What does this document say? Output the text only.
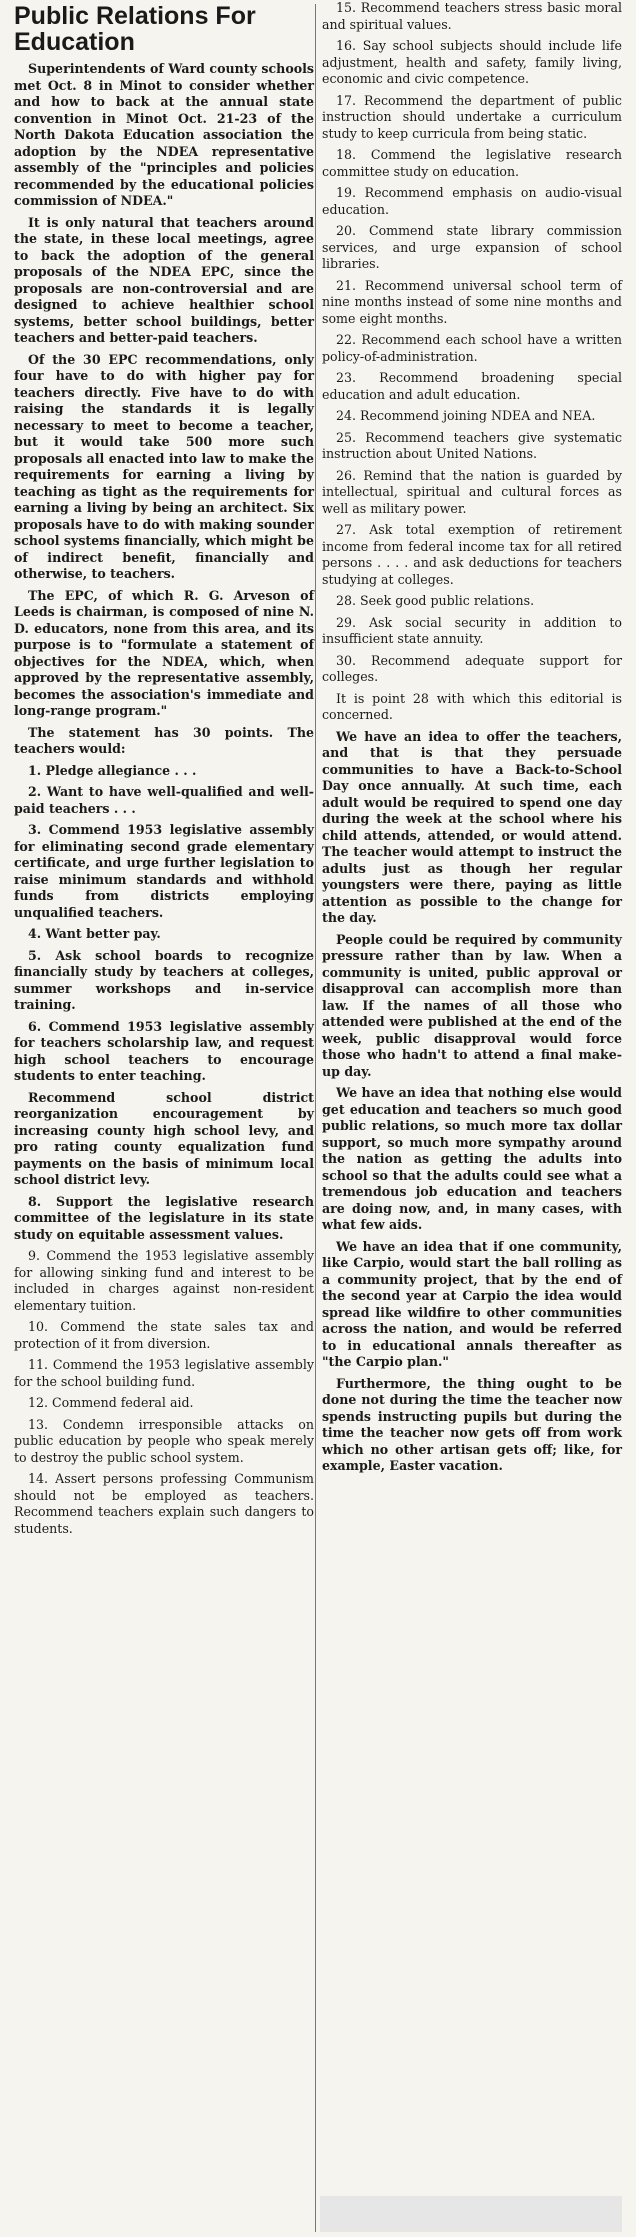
Public Relations For Education

Superintendents of Ward county schools met Oct. 8 in Minot to consider whether and how to back at the annual state convention in Minot Oct. 21-23 of the North Dakota Education association the adoption by the NDEA representative assembly of the "principles and policies recommended by the educational policies commission of NDEA."

It is only natural that teachers around the state, in these local meetings, agree to back the adoption of the general proposals of the NDEA EPC, since the proposals are non-controversial and are designed to achieve healthier school systems, better school buildings, better teachers and better-paid teachers.

Of the 30 EPC recommendations, only four have to do with higher pay for teachers directly. Five have to do with raising the standards it is legally necessary to meet to become a teacher, but it would take 500 more such proposals all enacted into law to make the requirements for earning a living by teaching as tight as the requirements for earning a living by being an architect. Six proposals have to do with making sounder school systems financially, which might be of indirect benefit, financially and otherwise, to teachers.

The EPC, of which R. G. Arveson of Leeds is chairman, is composed of nine N. D. educators, none from this area, and its purpose is to "formulate a statement of objectives for the NDEA, which, when approved by the representative assembly, becomes the association's immediate and long-range program."

The statement has 30 points. The teachers would:

1. Pledge allegiance . . .

2. Want to have well-qualified and well-paid teachers . . .

3. Commend 1953 legislative assembly for eliminating second grade elementary certificate, and urge further legislation to raise minimum standards and withhold funds from districts employing unqualified teachers.

4. Want better pay.

5. Ask school boards to recognize financially study by teachers at colleges, summer workshops and in-service training.

6. Commend 1953 legislative assembly for teachers scholarship law, and request high school teachers to encourage students to enter teaching.

Recommend school district reorganization encouragement by increasing county high school levy, and pro rating county equalization fund payments on the basis of minimum local school district levy.

8. Support the legislative research committee of the legislature in its state study on equitable assessment values.

9. Commend the 1953 legislative assembly for allowing sinking fund and interest to be included in charges against non-resident elementary tuition.

10. Commend the state sales tax and protection of it from diversion.

11. Commend the 1953 legislative assembly for the school building fund.

12. Commend federal aid.

13. Condemn irresponsible attacks on public education by people who speak merely to destroy the public school system.

14. Assert persons professing Communism should not be employed as teachers. Recommend teachers explain such dangers to students.

15. Recommend teachers stress basic moral and spiritual values.

16. Say school subjects should include life adjustment, health and safety, family living, economic and civic competence.

17. Recommend the department of public instruction should undertake a curriculum study to keep curricula from being static.

18. Commend the legislative research committee study on education.

19. Recommend emphasis on audio-visual education.

20. Commend state library commission services, and urge expansion of school libraries.

21. Recommend universal school term of nine months instead of some nine months and some eight months.

22. Recommend each school have a written policy-of-administration.

23. Recommend broadening special education and adult education.

24. Recommend joining NDEA and NEA.

25. Recommend teachers give systematic instruction about United Nations.

26. Remind that the nation is guarded by intellectual, spiritual and cultural forces as well as military power.

27. Ask total exemption of retirement income from federal income tax for all retired persons . . . . and ask deductions for teachers studying at colleges.

28. Seek good public relations.

29. Ask social security in addition to insufficient state annuity.

30. Recommend adequate support for colleges.

It is point 28 with which this editorial is concerned.

We have an idea to offer the teachers, and that is that they persuade communities to have a Back-to-School Day once annually. At such time, each adult would be required to spend one day during the week at the school where his child attends, attended, or would attend. The teacher would attempt to instruct the adults just as though her regular youngsters were there, paying as little attention as possible to the change for the day.

People could be required by community pressure rather than by law. When a community is united, public approval or disapproval can accomplish more than law. If the names of all those who attended were published at the end of the week, public disapproval would force those who hadn't to attend a final make-up day.

We have an idea that nothing else would get education and teachers so much good public relations, so much more tax dollar support, so much more sympathy around the nation as getting the adults into school so that the adults could see what a tremendous job education and teachers are doing now, and, in many cases, with what few aids.

We have an idea that if one community, like Carpio, would start the ball rolling as a community project, that by the end of the second year at Carpio the idea would spread like wildfire to other communities across the nation, and would be referred to in educational annals thereafter as "the Carpio plan."

Furthermore, the thing ought to be done not during the time the teacher now spends instructing pupils but during the time the teacher now gets off from work which no other artisan gets off; like, for example, Easter vacation.
